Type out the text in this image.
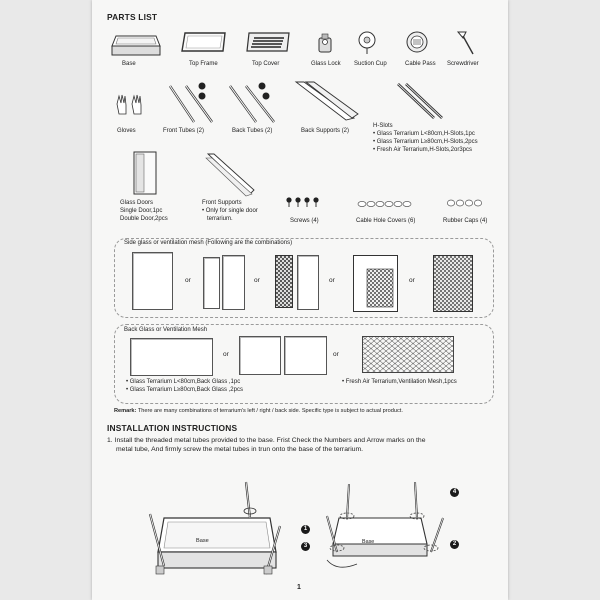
PARTS LIST
Base	Top Frame	Top Cover	Glass Lock Suction Cup	Cable Pass Screwdriver
Gloves	Front Tubes (2)	Back Tubes (2)	Back Supports (2)
H-Slots
• Glass Terrarium L<80cm,H-Slots,1pc
• Glass Terrarium L≥80cm,H-Slots,2pcs
• Fresh Air Terrarium,H-Slots,2or3pcs
Glass Doors
Single Door,1pc
Double Door,2pcs
Front Supports
• Only for single door
terrarium.	Screws (4)	Cable Hole Covers (6)	Rubber Caps (4)
Side glass or ventilation mesh (Following are the combinations)
or	or	or	or
Back Glass or Ventilation Mesh
or	or
• Glass Terrarium L<80cm,Back Glass ,1pc
• Glass Terrarium L≥80cm,Back Glass ,2pcs
• Fresh Air Terrarium,Ventilation Mesh,1pcs
Remark: There are many combinations of terrarium's left / right / back side. Specific type is subject to actual product.
INSTALLATION INSTRUCTIONS
1. Install the threaded metal tubes provided to the base. Frist Check the Numbers and Arrow marks on the
metal tube, And firmly screw the metal tubes in trun onto the base of the terrarium.
Base	Base
1
2
3
4
1
